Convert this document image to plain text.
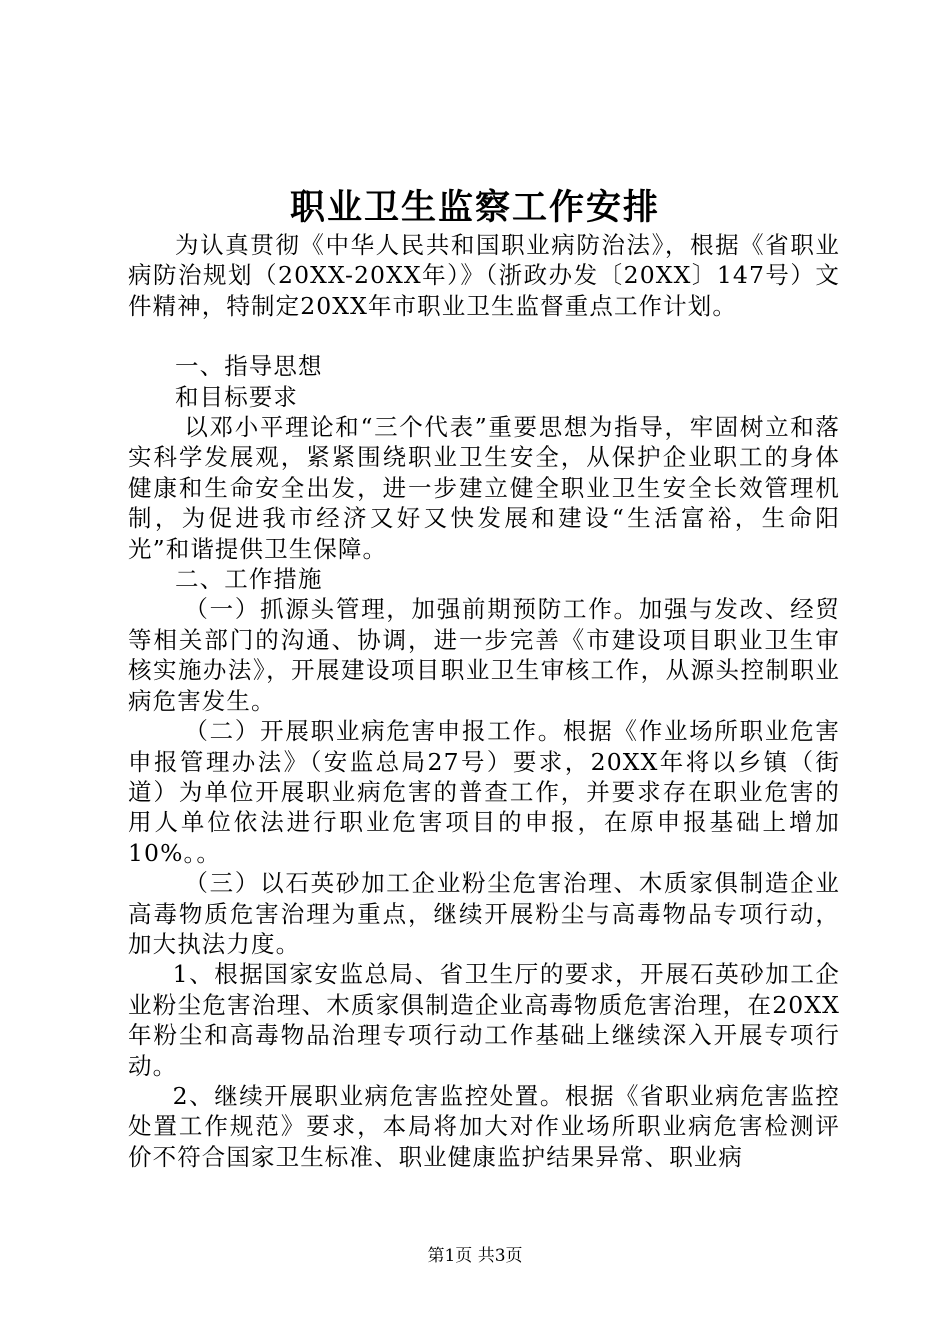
职业卫生监察工作安排

为认真贯彻《中华人民共和国职业病防治法》，根据《省职业病防治规划（20XX-20XX年）》（浙政办发〔20XX〕147号）文件精神，特制定20XX年市职业卫生监督重点工作计划。

一、指导思想

和目标要求

以邓小平理论和“三个代表”重要思想为指导，牢固树立和落实科学发展观，紧紧围绕职业卫生安全，从保护企业职工的身体健康和生命安全出发，进一步建立健全职业卫生安全长效管理机制，为促进我市经济又好又快发展和建设“生活富裕，生命阳光”和谐提供卫生保障。

二、工作措施

（一）抓源头管理，加强前期预防工作。加强与发改、经贸等相关部门的沟通、协调，进一步完善《市建设项目职业卫生审核实施办法》，开展建设项目职业卫生审核工作，从源头控制职业病危害发生。

（二）开展职业病危害申报工作。根据《作业场所职业危害申报管理办法》（安监总局27号）要求，20XX年将以乡镇（街道）为单位开展职业病危害的普查工作，并要求存在职业危害的用人单位依法进行职业危害项目的申报，在原申报基础上增加10%。。

（三）以石英砂加工企业粉尘危害治理、木质家俱制造企业高毒物质危害治理为重点，继续开展粉尘与高毒物品专项行动，加大执法力度。

1、根据国家安监总局、省卫生厅的要求，开展石英砂加工企业粉尘危害治理、木质家俱制造企业高毒物质危害治理，在20XX年粉尘和高毒物品治理专项行动工作基础上继续深入开展专项行动。

2、继续开展职业病危害监控处置。根据《省职业病危害监控处置工作规范》要求，本局将加大对作业场所职业病危害检测评价不符合国家卫生标准、职业健康监护结果异常、职业病

第1页 共3页
